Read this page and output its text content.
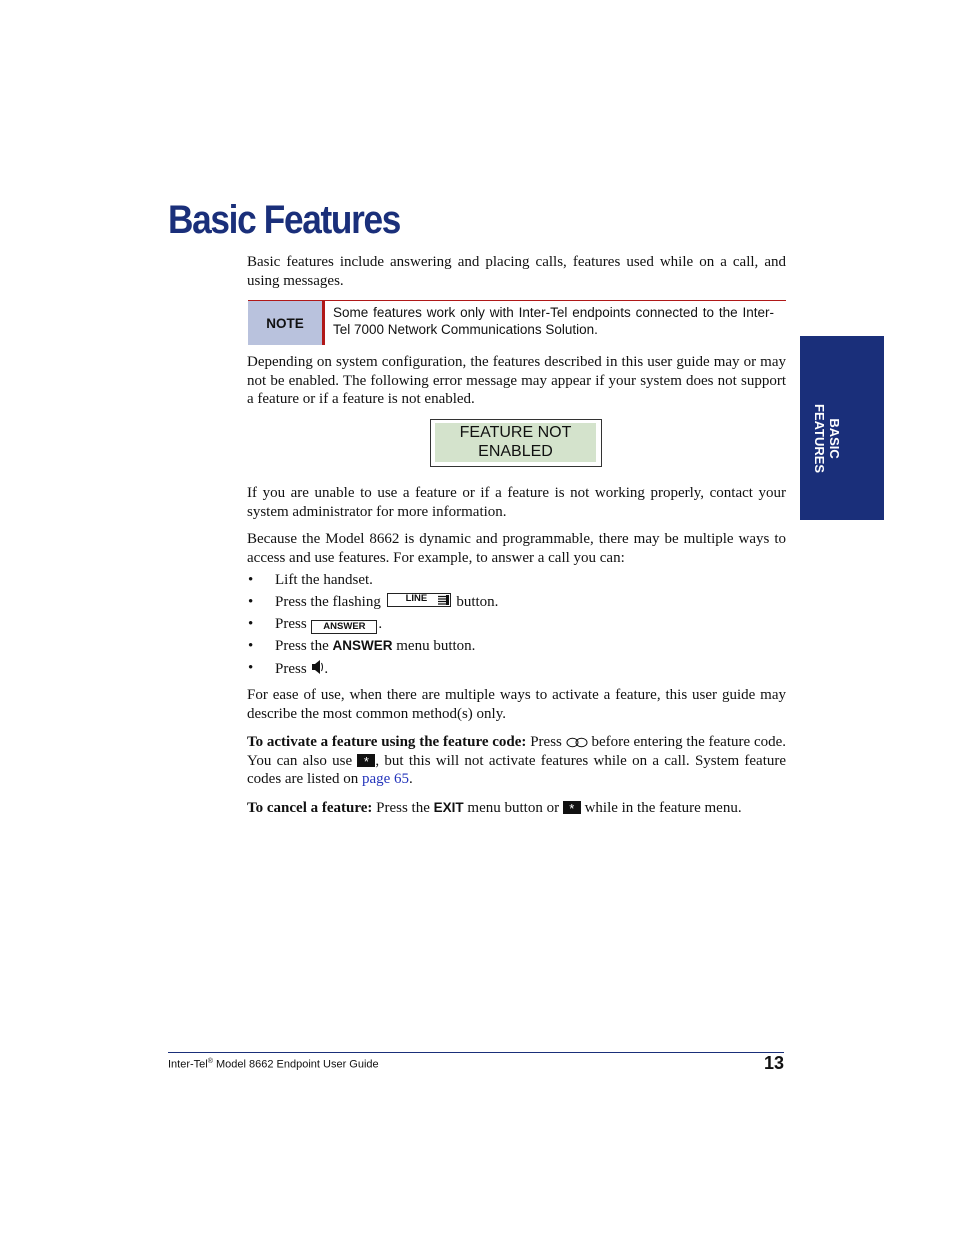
Basic Features

Basic features include answering and placing calls, features used while on a call, and using messages.

NOTE
Some features work only with Inter-Tel endpoints connected to the Inter-Tel 7000 Network Communications Solution.

Depending on system configuration, the features described in this user guide may or may not be enabled. The following error message may appear if your system does not support a feature or if a feature is not enabled.

FEATURE NOT
ENABLED

If you are unable to use a feature or if a feature is not working properly, contact your system administrator for more information.

Because the Model 8662 is dynamic and programmable, there may be multiple ways to access and use features. For example, to answer a call you can:

• Lift the handset.
• Press the flashing	LINE button.
• Press ANSWER .
• Press the ANSWER menu button.
• Press .

For ease of use, when there are multiple ways to activate a feature, this user guide may describe the most common method(s) only.

To activate a feature using the feature code: Press before entering the feature code. You can also use * , but this will not activate features while on a call. System feature codes are listed on page 65.

To cancel a feature: Press the EXIT menu button or * while in the feature menu.

BASIC
FEATURES
Inter-Tel® Model 8662 Endpoint User Guide	13
